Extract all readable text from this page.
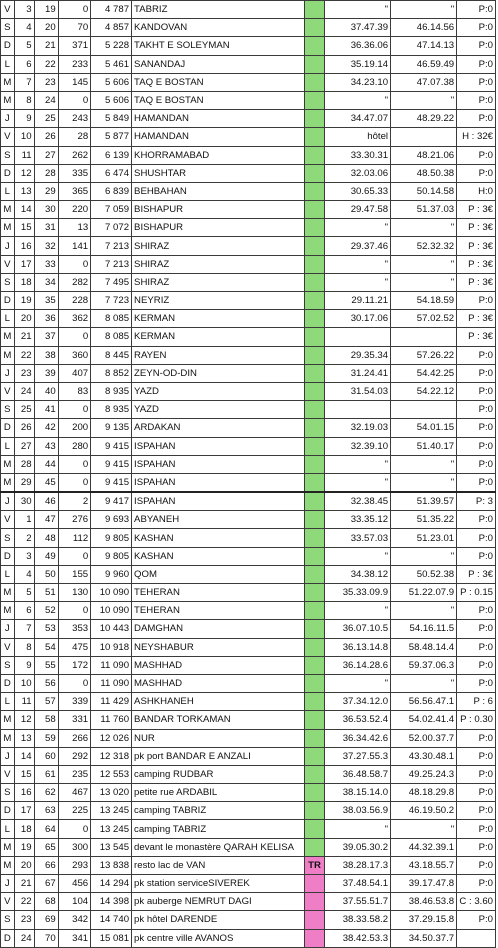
V	3	19	0	4 787	TABRIZ		"	"	P:0
S	4	20	70	4 857	KANDOVAN		37.47.39	46.14.56	P:0
D	5	21	371	5 228	TAKHT E SOLEYMAN		36.36.06	47.14.13	P:0
L	6	22	233	5 461	SANANDAJ		35.19.14	46.59.49	P:0
M	7	23	145	5 606	TAQ E BOSTAN		34.23.10	47.07.38	P:0
M	8	24	0	5 606	TAQ E BOSTAN		"	"	P:0
J	9	25	243	5 849	HAMANDAN		34.47.07	48.29.22	P:0
V	10	26	28	5 877	HAMANDAN		hôtel		H : 32€
S	11	27	262	6 139	KHORRAMABAD		33.30.31	48.21.06	P:0
D	12	28	335	6 474	SHUSHTAR		32.03.06	48.50.38	P:0
L	13	29	365	6 839	BEHBAHAN		30.65.33	50.14.58	H:0
M	14	30	220	7 059	BISHAPUR		29.47.58	51.37.03	P : 3€
M	15	31	13	7 072	BISHAPUR		"	"	P : 3€
J	16	32	141	7 213	SHIRAZ		29.37.46	52.32.32	P : 3€
V	17	33	0	7 213	SHIRAZ		"	"	P : 3€
S	18	34	282	7 495	SHIRAZ		"	"	P : 3€
D	19	35	228	7 723	NEYRIZ		29.11.21	54.18.59	P:0
L	20	36	362	8 085	KERMAN		30.17.06	57.02.52	P : 3€
M	21	37	0	8 085	KERMAN				P : 3€
M	22	38	360	8 445	RAYEN		29.35.34	57.26.22	P:0
J	23	39	407	8 852	ZEYN-OD-DIN		31.24.41	54.42.25	P:0
V	24	40	83	8 935	YAZD		31.54.03	54.22.12	P:0
S	25	41	0	8 935	YAZD				P:0
D	26	42	200	9 135	ARDAKAN		32.19.03	54.01.15	P:0
L	27	43	280	9 415	ISPAHAN		32.39.10	51.40.17	P:0
M	28	44	0	9 415	ISPAHAN		"	"	P:0
M	29	45	0	9 415	ISPAHAN		"	"	P:0
J	30	46	2	9 417	ISPAHAN		32.38.45	51.39.57	P: 3
V	1	47	276	9 693	ABYANEH		33.35.12	51.35.22	P:0
S	2	48	112	9 805	KASHAN		33.57.03	51.23.01	P:0
D	3	49	0	9 805	KASHAN		"	"	P:0
L	4	50	155	9 960	QOM		34.38.12	50.52.38	P : 3€
M	5	51	130	10 090	TEHERAN		35.33.09.9	51.22.07.9	P : 0.15
M	6	52	0	10 090	TEHERAN		"	"	P:0
J	7	53	353	10 443	DAMGHAN		36.07.10.5	54.16.11.5	P:0
V	8	54	475	10 918	NEYSHABUR		36.13.14.8	58.48.14.4	P:0
S	9	55	172	11 090	MASHHAD		36.14.28.6	59.37.06.3	P:0
D	10	56	0	11 090	MASHHAD		"	"	P:0
L	11	57	339	11 429	ASHKHANEH		37.34.12.0	56.56.47.1	P : 6
M	12	58	331	11 760	BANDAR TORKAMAN		36.53.52.4	54.02.41.4	P : 0.30
M	13	59	266	12 026	NUR		36.34.42.6	52.00.37.7	P:0
J	14	60	292	12 318	pk port BANDAR E ANZALI		37.27.55.3	43.30.48.1	P:0
V	15	61	235	12 553	camping RUDBAR		36.48.58.7	49.25.24.3	P:0
S	16	62	467	13 020	petite rue ARDABIL		38.15.14.0	48.18.29.8	P:0
D	17	63	225	13 245	camping TABRIZ		38.03.56.9	46.19.50.2	P:0
L	18	64	0	13 245	camping TABRIZ		"	"	P:0
M	19	65	300	13 545	devant le monastère QARAH KELISA		39.05.30.2	44.32.39.1	P:0
M	20	66	293	13 838	resto lac de VAN	TR	38.28.17.3	43.18.55.7	P:0
J	21	67	456	14 294	pk station serviceSIVEREK		37.48.54.1	39.17.47.8	P:0
V	22	68	104	14 398	pk auberge NEMRUT DAGI		37.55.51.7	38.46.53.8	C : 3.60
S	23	69	342	14 740	pk hôtel DARENDE		38.33.58.2	37.29.15.8	P:0
D	24	70	341	15 081	pk centre ville AVANOS		38.42.53.3	34.50.37.7	
